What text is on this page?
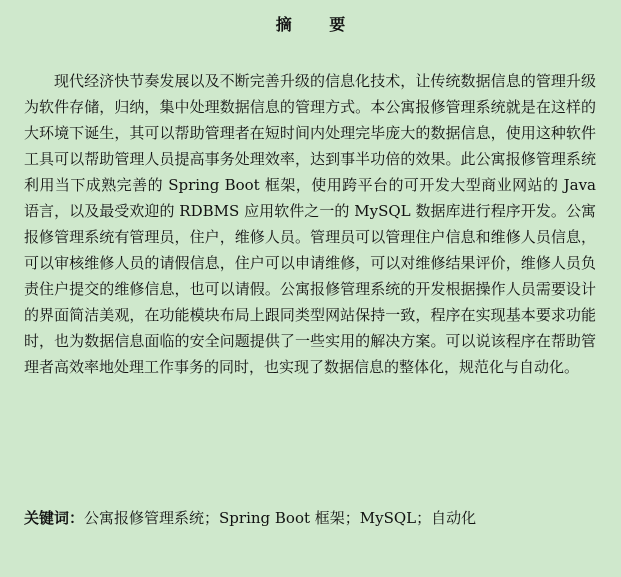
摘 要
现代经济快节奏发展以及不断完善升级的信息化技术，让传统数据信息的管理升级为软件存储，归纳，集中处理数据信息的管理方式。本公寓报修管理系统就是在这样的大环境下诞生，其可以帮助管理者在短时间内处理完毕庞大的数据信息，使用这种软件工具可以帮助管理人员提高事务处理效率，达到事半功倍的效果。此公寓报修管理系统利用当下成熟完善的 Spring Boot 框架，使用跨平台的可开发大型商业网站的 Java 语言，以及最受欢迎的 RDBMS 应用软件之一的 MySQL 数据库进行程序开发。公寓报修管理系统有管理员，住户，维修人员。管理员可以管理住户信息和维修人员信息，可以审核维修人员的请假信息，住户可以申请维修，可以对维修结果评价，维修人员负责住户提交的维修信息，也可以请假。公寓报修管理系统的开发根据操作人员需要设计的界面简洁美观，在功能模块布局上跟同类型网站保持一致，程序在实现基本要求功能时，也为数据信息面临的安全问题提供了一些实用的解决方案。可以说该程序在帮助管理者高效率地处理工作事务的同时，也实现了数据信息的整体化，规范化与自动化。
关键词：公寓报修管理系统；Spring Boot 框架；MySQL；自动化
